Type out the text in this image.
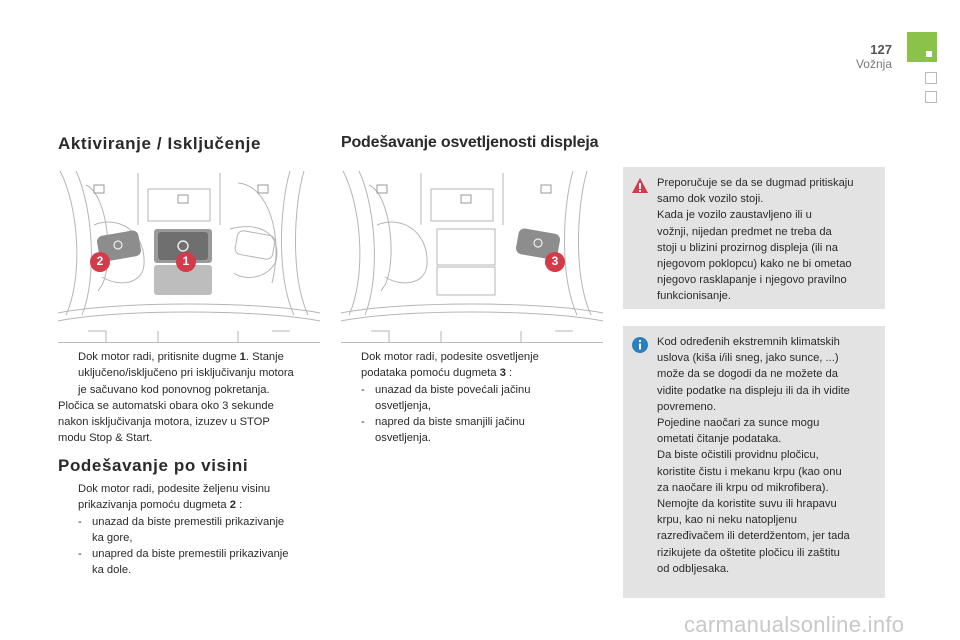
127
Vožnja
Aktiviranje / Isključenje	Podešavanje osvetljenosti displeja
2	1	3
Dok motor radi, pritisnite dugme 1. Stanje
uključeno/isključeno pri isključivanju motora
je sačuvano kod ponovnog pokretanja.
Pločica se automatski obara oko 3 sekunde
nakon isključivanja motora, izuzev u STOP
modu Stop & Start.
Podešavanje po visini
Dok motor radi, podesite željenu visinu
prikazivanja pomoću dugmeta 2 :
- unazad da biste premestili prikazivanje
ka gore,
- unapred da biste premestili prikazivanje
ka dole.
Dok motor radi, podesite osvetljenje
podataka pomoću dugmeta 3 :
- unazad da biste povećali jačinu
osvetljenja,
- napred da biste smanjili jačinu
osvetljenja.
Preporučuje se da se dugmad pritiskaju
samo dok vozilo stoji.
Kada je vozilo zaustavljeno ili u
vožnji, nijedan predmet ne treba da
stoji u blizini prozirnog displeja (ili na
njegovom poklopcu) kako ne bi ometao
njegovo rasklapanje i njegovo pravilno
funkcionisanje.
Kod određenih ekstremnih klimatskih
uslova (kiša i/ili sneg, jako sunce, ...)
može da se dogodi da ne možete da
vidite podatke na displeju ili da ih vidite
povremeno.
Pojedine naočari za sunce mogu
ometati čitanje podataka.
Da biste očistili providnu pločicu,
koristite čistu i mekanu krpu (kao onu
za naočare ili krpu od mikrofibera).
Nemojte da koristite suvu ili hrapavu
krpu, kao ni neku natopljenu
razređivačem ili deterdžentom, jer tada
rizikujete da oštetite pločicu ili zaštitu
od odbljesaka.
carmanualsonline.info
